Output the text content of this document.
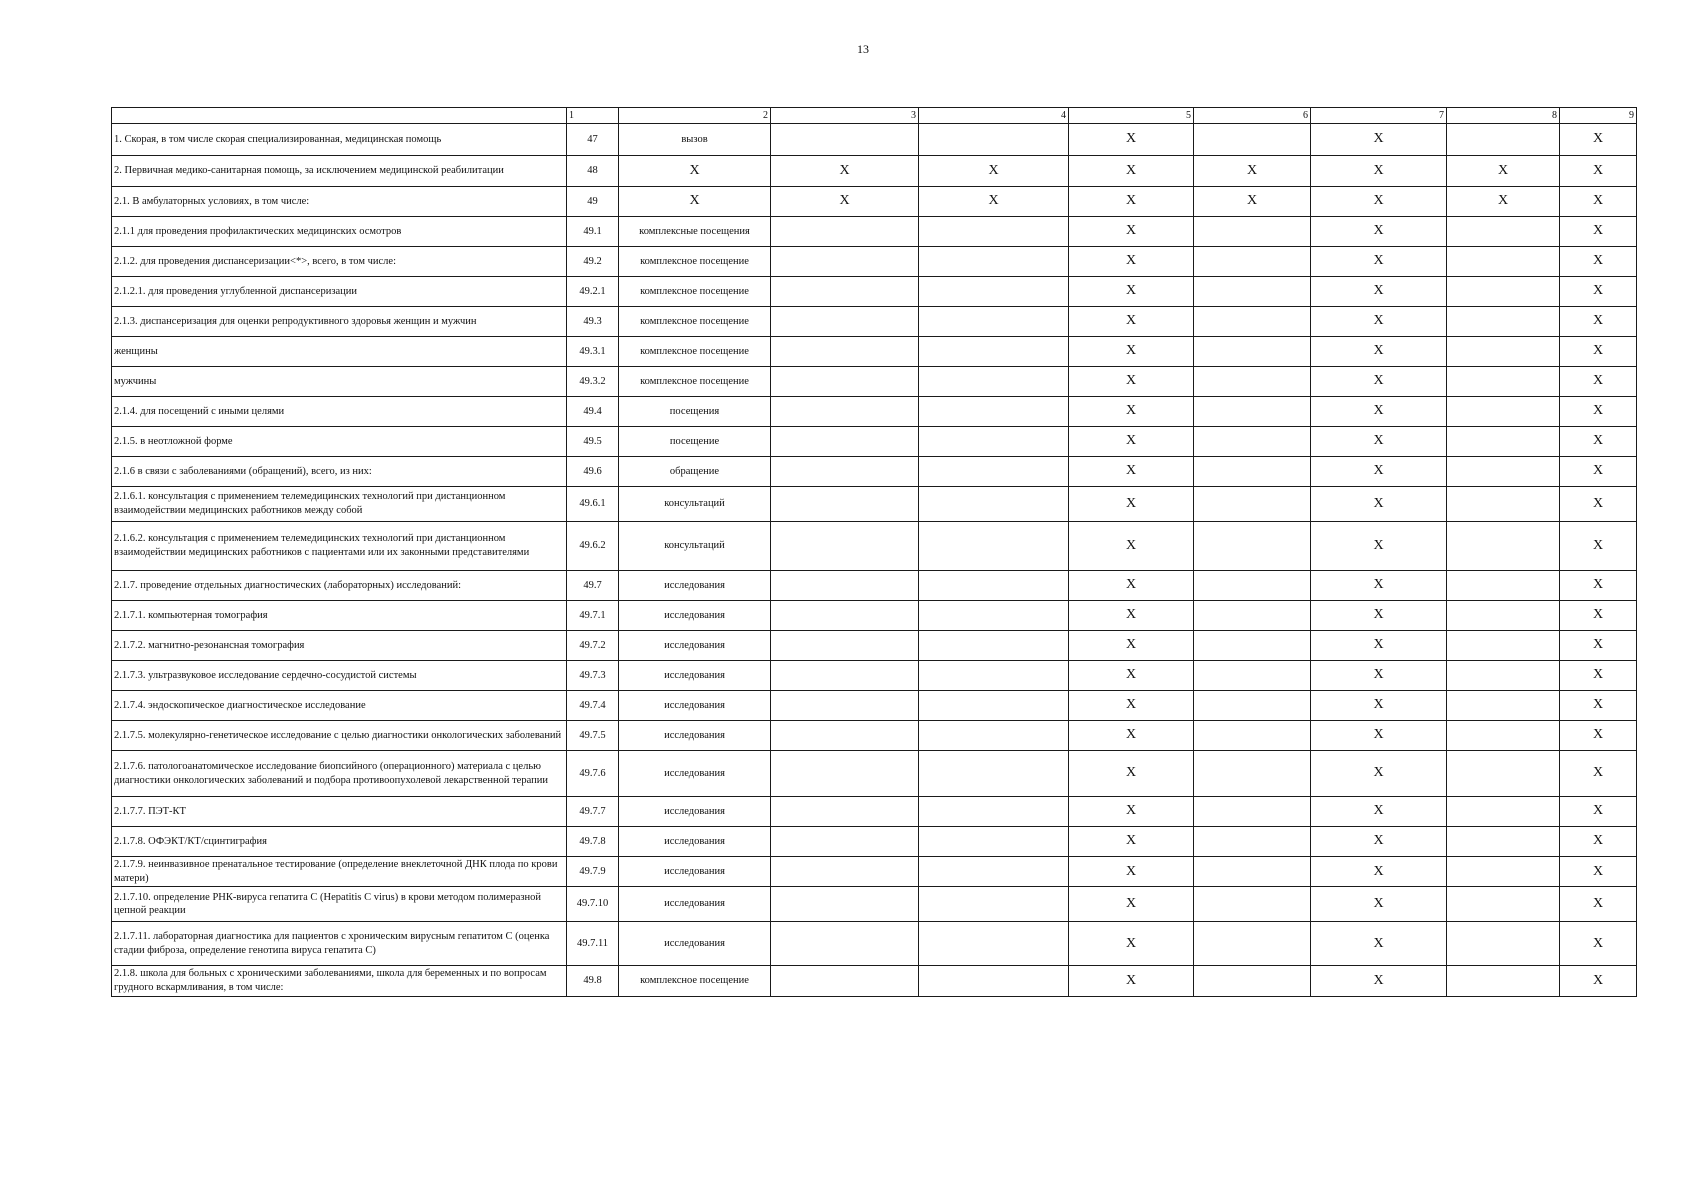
13
	1	2	3	4	5	6	7	8	9
1. Скорая, в том числе скорая специализированная, медицинская помощь	47	вызов			X		X		X
2. Первичная медико-санитарная помощь, за исключением медицинской реабилитации	48	X	X	X	X	X	X	X	X
2.1. В амбулаторных условиях, в том числе:	49	X	X	X	X	X	X	X	X
2.1.1 для проведения профилактических медицинских осмотров	49.1	комплексные посещения			X		X		X
2.1.2. для проведения диспансеризации<*>, всего, в том числе:	49.2	комплексное посещение			X		X		X
2.1.2.1. для проведения углубленной диспансеризации	49.2.1	комплексное посещение			X		X		X
2.1.3. диспансеризация для оценки репродуктивного здоровья женщин и мужчин	49.3	комплексное посещение			X		X		X
женщины	49.3.1	комплексное посещение			X		X		X
мужчины	49.3.2	комплексное посещение			X		X		X
2.1.4. для посещений с иными целями	49.4	посещения			X		X		X
2.1.5. в неотложной форме	49.5	посещение			X		X		X
2.1.6 в связи с заболеваниями (обращений), всего, из них:	49.6	обращение			X		X		X
2.1.6.1. консультация с применением телемедицинских технологий при дистанционном взаимодействии медицинских работников между собой	49.6.1	консультаций			X		X		X
2.1.6.2. консультация с применением телемедицинских технологий при дистанционном взаимодействии медицинских работников с пациентами или их законными представителями	49.6.2	консультаций			X		X		X
2.1.7. проведение отдельных диагностических (лабораторных) исследований:	49.7	исследования			X		X		X
2.1.7.1. компьютерная томография	49.7.1	исследования			X		X		X
2.1.7.2. магнитно-резонансная томография	49.7.2	исследования			X		X		X
2.1.7.3. ультразвуковое исследование сердечно-сосудистой системы	49.7.3	исследования			X		X		X
2.1.7.4. эндоскопическое диагностическое исследование	49.7.4	исследования			X		X		X
2.1.7.5. молекулярно-генетическое исследование с целью диагностики онкологических заболеваний	49.7.5	исследования			X		X		X
2.1.7.6. патологоанатомическое исследование биопсийного (операционного) материала с целью диагностики онкологических заболеваний и подбора противоопухолевой лекарственной терапии	49.7.6	исследования			X		X		X
2.1.7.7. ПЭТ-КТ	49.7.7	исследования			X		X		X
2.1.7.8. ОФЭКТ/КТ/сцинтиграфия	49.7.8	исследования			X		X		X
2.1.7.9. неинвазивное пренатальное тестирование (определение внеклеточной ДНК плода по крови матери)	49.7.9	исследования			X		X		X
2.1.7.10. определение РНК-вируса гепатита C (Hepatitis C virus) в крови методом полимеразной цепной реакции	49.7.10	исследования			X		X		X
2.1.7.11. лабораторная диагностика для пациентов с хроническим вирусным гепатитом C (оценка стадии фиброза, определение генотипа вируса гепатита C)	49.7.11	исследования			X		X		X
2.1.8. школа для больных с хроническими заболеваниями, школа для беременных и по вопросам грудного вскармливания, в том числе:	49.8	комплексное посещение			X		X		X
